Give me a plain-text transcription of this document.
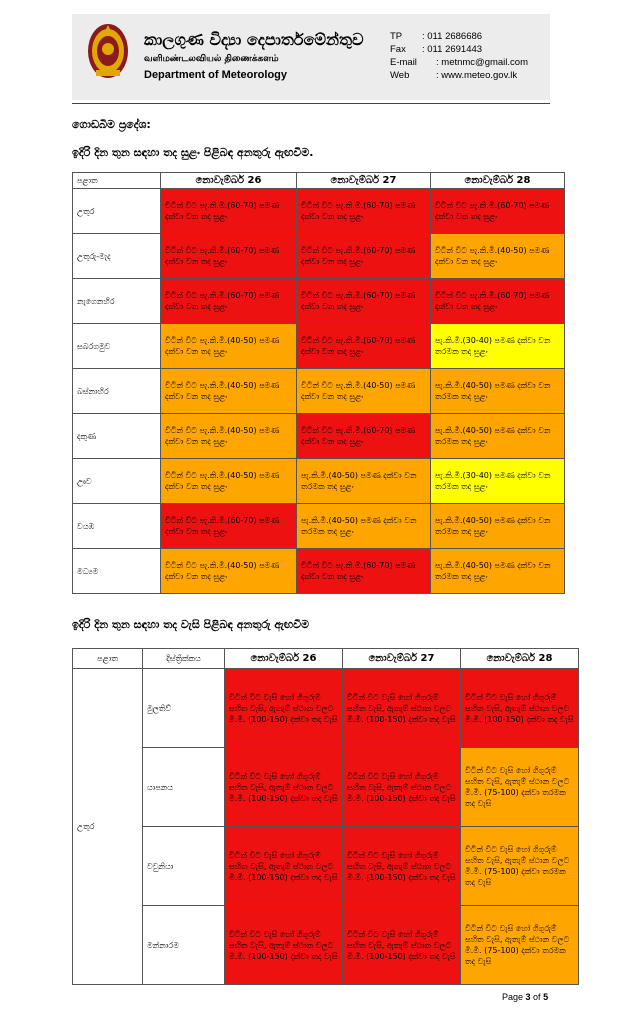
කාලගුණ විද්‍යා දෙපාර්තමේන්තුව
வளிமண்டலவியல் திணைக்களம்
Department of Meteorology
TP	: 011 2686686
Fax	: 011 2691443
E-mail	: metnmc@gmail.com
Web	: www.meteo.gov.lk
ගොඩබිම ප්‍රදේශ:
ඉදිරි දින තුන සඳහා තද සුළං පිළිබඳ අනතුරු ඇඟවීම.
පළාත	නොවැම්බර් 26	නොවැම්බර් 27	නොවැම්බර් 28
උතුර	විටින් විට පැ.කි.මී.(60-70) පමණ දක්වා වන තද සුළං	විටින් විට පැ.කි.මී.(60-70) පමණ දක්වා වන තද සුළං	විටින් විට පැ.කි.මී.(60-70) පමණ දක්වා වන තද සුළං
උතුරු-මැද	විටින් විට පැ.කි.මී.(60-70) පමණ දක්වා වන තද සුළං	විටින් විට පැ.කි.මී.(60-70) පමණ දක්වා වන තද සුළං	විටින් විට පැ.කි.මී.(40-50) පමණ දක්වා වන තද සුළං
නැගෙනහිර	විටින් විට පැ.කි.මී.(60-70) පමණ දක්වා වන තද සුළං	විටින් විට පැ.කි.මී.(60-70) පමණ දක්වා වන තද සුළං	විටින් විට පැ.කි.මී.(60-70) පමණ දක්වා වන තද සුළං
සබරගමුව	විටින් විට පැ.කි.මී.(40-50) පමණ දක්වා වන තද සුළං	විටින් විට පැ.කි.මී.(60-70) පමණ දක්වා වන තද සුළං	පැ.කි.මී.(30-40) පමණ දක්වා වන තරමක තද සුළං
බස්නාහිර	විටින් විට පැ.කි.මී.(40-50) පමණ දක්වා වන තද සුළං	විටින් විට පැ.කි.මී.(40-50) පමණ දක්වා වන තද සුළං	පැ.කි.මී.(40-50) පමණ දක්වා වන තරමක තද සුළං
දකුණ	විටින් විට පැ.කි.මී.(40-50) පමණ දක්වා වන තද සුළං	විටින් විට පැ.කි.මී.(60-70) පමණ දක්වා වන තද සුළං	පැ.කි.මී.(40-50) පමණ දක්වා වන තරමක තද සුළං
ඌව	විටින් විට පැ.කි.මී.(40-50) පමණ දක්වා වන තද සුළං	පැ.කි.මී.(40-50) පමණ දක්වා වන තරමක තද සුළං	පැ.කි.මී.(30-40) පමණ දක්වා වන තරමක තද සුළං
වයඹ	විටින් විට පැ.කි.මී.(60-70) පමණ දක්වා වන තද සුළං	පැ.කි.මී.(40-50) පමණ දක්වා වන තරමක තද සුළං	පැ.කි.මී.(40-50) පමණ දක්වා වන තරමක තද සුළං
මධ්‍යම	විටින් විට පැ.කි.මී.(40-50) පමණ දක්වා වන තද සුළං	විටින් විට පැ.කි.මී.(60-70) පමණ දක්වා වන තද සුළං	පැ.කි.මී.(40-50) පමණ දක්වා වන තරමක තද සුළං
ඉදිරි දින තුන සඳහා තද වැසි පිළිබඳ අනතුරු ඇඟවීම
පළාත	දිස්ත්‍රික්කය	නොවැම්බර් 26	නොවැම්බර් 27	නොවැම්බර් 28
උතුර	මුලතිව්	විටින් විට වැසි හෝ ගිගුරුම් සහිත වැසි, ඇතැම් ස්ථාන වලට මි.මී. (100-150) දක්වා තද වැසි	විටින් විට වැසි හෝ ගිගුරුම් සහිත වැසි, ඇතැම් ස්ථාන වලට මි.මී. (100-150) දක්වා තද වැසි	විටින් විට වැසි හෝ ගිගුරුම් සහිත වැසි, ඇතැම් ස්ථාන වලට මි.මී. (100-150) දක්වා තද වැසි
	යාපනය	විටින් විට වැසි හෝ ගිගුරුම් සහිත වැසි, ඇතැම් ස්ථාන වලට මි.මී. (100-150) දක්වා තද වැසි	විටින් විට වැසි හෝ ගිගුරුම් සහිත වැසි, ඇතැම් ස්ථාන වලට මි.මී. (100-150) දක්වා තද වැසි	විටින් විට වැසි හෝ ගිගුරුම් සහිත වැසි, ඇතැම් ස්ථාන වලට මි.මී. (75-100) දක්වා තරමක තද වැසි
	වවුනියා	විටින් විට වැසි හෝ ගිගුරුම් සහිත වැසි, ඇතැම් ස්ථාන වලට මි.මී. (100-150) දක්වා තද වැසි	විටින් විට වැසි හෝ ගිගුරුම් සහිත වැසි, ඇතැම් ස්ථාන වලට මි.මී. (100-150) දක්වා තද වැසි	විටින් විට වැසි හෝ ගිගුරුම් සහිත වැසි, ඇතැම් ස්ථාන වලට මි.මී. (75-100) දක්වා තරමක තද වැසි
	මන්නාරම	විටින් විට වැසි හෝ ගිගුරුම් සහිත වැසි, ඇතැම් ස්ථාන වලට මි.මී. (100-150) දක්වා තද වැසි	විටින් විට වැසි හෝ ගිගුරුම් සහිත වැසි, ඇතැම් ස්ථාන වලට මි.මී. (100-150) දක්වා තද වැසි	විටින් විට වැසි හෝ ගිගුරුම් සහිත වැසි, ඇතැම් ස්ථාන වලට මි.මී. (75-100) දක්වා තරමක තද වැසි
Page 3 of 5
